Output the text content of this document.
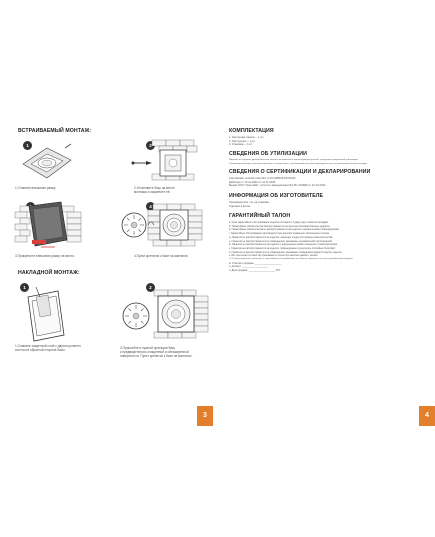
ВСТРАИВАЕМЫЙ МОНТАЖ:
1
1.Снимите внешнюю рамку.
2
2.Установите базу на место
монтажа и закрепите её.
3.Прикрепите внешнюю рамку на место.
4
4.Пульт крепится к базе на магнитах.
НАКЛАДНОЙ МОНТАЖ:
1
1.Снимите защитный слой с двухстороннего
скотча на обратной стороне базы.
2
2.Приклейте в нужной проекции базу
к предварительно очищенной и обезжиренной
поверхности. Пульт крепится к базе на магнитах.
3
КОМПЛЕКТАЦИЯ
1. Настенная панель – 1 шт.
2. Инструкция – 1 шт.
3. Упаковка – 1 шт.
СВЕДЕНИЯ ОБ УТИЛИЗАЦИИ
Изделие не содержит драгоценных или опасных материалов и комплектующих деталей, требующих специальной утилизации.
Утилизацию проводят обычным способом в соответствии с требованиями местного законодательства по утилизации бытовых отходов.
СВЕДЕНИЯ О СЕРТИФИКАЦИИ И ДЕКЛАРИРОВАНИИ
Сертификат соответствия RU С-CN.АВ06.В.01476/22
Действует с 12.11.2022 по 11.11.2025
Выдан ООО "Грантайм", аттестат аккредитации RA RU 11АВ06 от 16.10.2014
ИНФОРМАЦИЯ ОБ ИЗГОТОВИТЕЛЕ
Производитель: см. на упаковке
Сделано в Китае
ГАРАНТИЙНЫЙ ТАЛОН
а. Срок гарантийного обслуживания изделия составляет 2 (два) года с момента продажи.
б. Гарантийные обязательства распространяются на скрытые производственные дефекты.
в. Гарантийные обязательства не распространяются на изделия с механическими повреждениями.
г. Гарантийное обслуживание производится при наличии правильно заполненного талона.
д. Гарантия не распространяется на изделия, имеющие следы постороннего вмешательства.
е. Гарантия не распространяется на повреждения, вызванные неправильной эксплуатацией.
ж. Гарантия не распространяется на изделия с нарушением правил хранения и транспортировки.
з. Гарантия не распространяется на изделия, повреждённые в результате стихийных бедствий.
и. Гарантия не распространяется на повреждения, вызванные попаданием жидкости внутрь изделия.
к. Все претензии по качеству принимаются только при наличии данного талона.
л. По всем вопросам, связанным с гарантийным обслуживанием, вы можете обратиться по месту приобретения изделия.
м. Отметка о продаже: ____________________
н. Артикул: ____________________
о. Дата продажи: ____________________ М.П.
4
